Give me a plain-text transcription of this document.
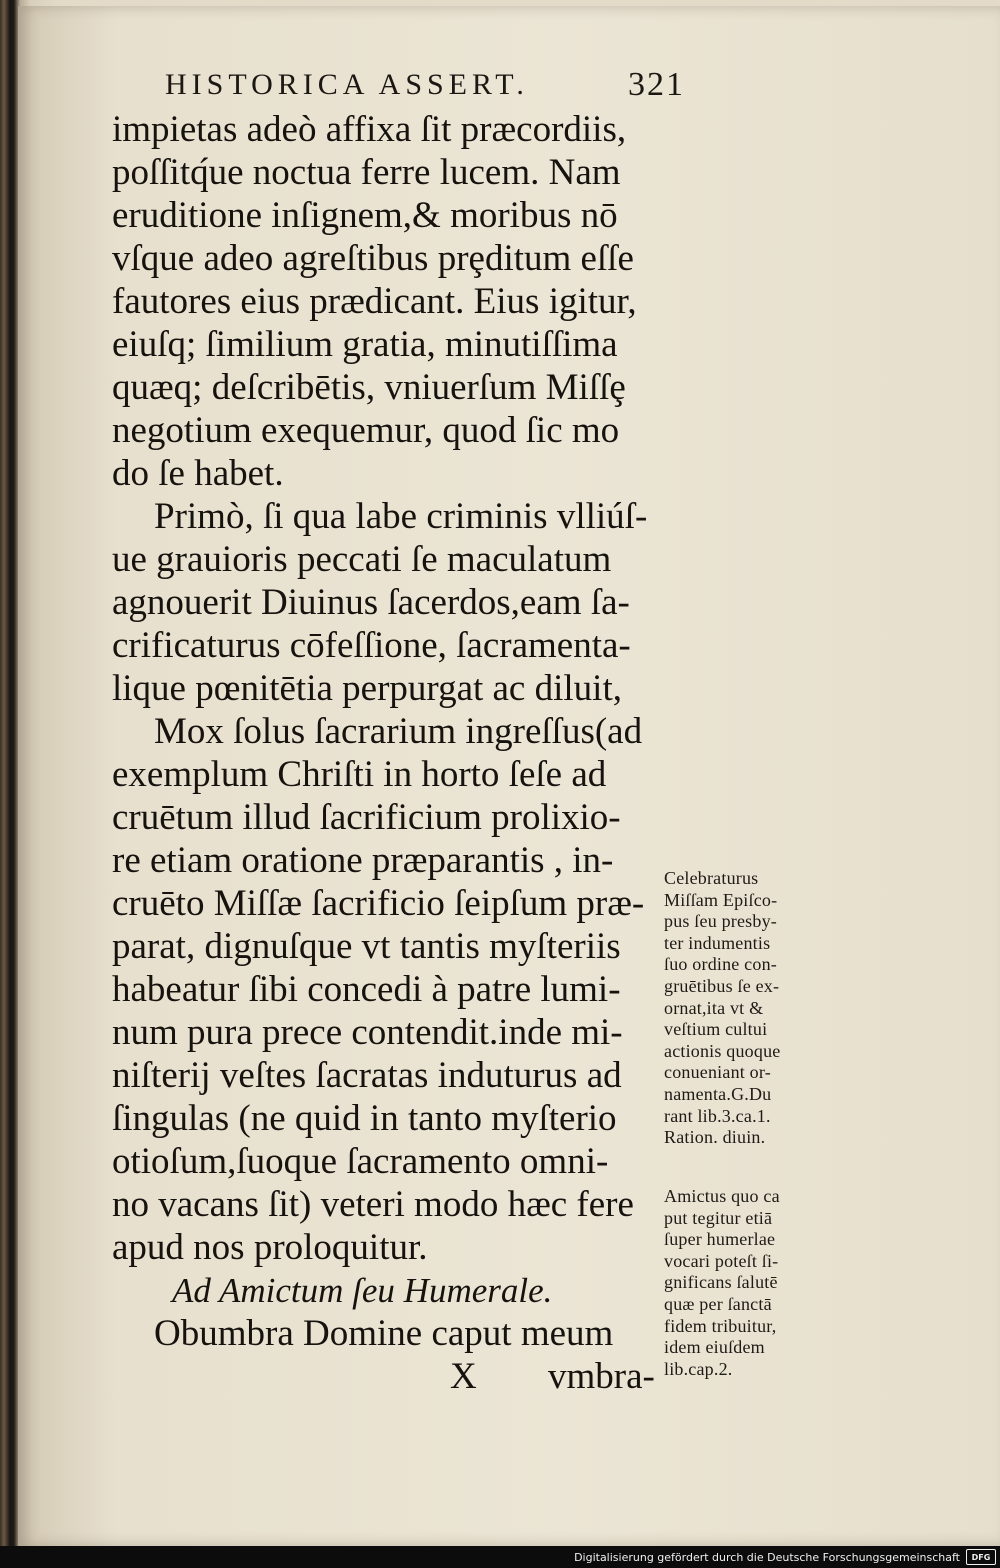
HISTORICA ASSERT.	321
impietas adeò affixa ſit præcordiis,
poſſitq́ue noctua ferre lucem. Nam
eruditione inſignem,& moribus nō
vſque adeo agreſtibus prȩditum eſſe
fautores eius prædicant. Eius igitur,
eiuſq; ſimilium gratia, minutiſſima
quæq; deſcribētis, vniuerſum Miſſȩ
negotium exequemur, quod ſic mo
do ſe habet.
Primò, ſi qua labe criminis vlliúſ-
ue grauioris peccati ſe maculatum
agnouerit Diuinus ſacerdos,eam ſa-
crificaturus cōfeſſione, ſacramenta-
lique pœnitētia perpurgat ac diluit,
Mox ſolus ſacrarium ingreſſus(ad
exemplum Chriſti in horto ſeſe ad
cruētum illud ſacrificium prolixio-
re etiam oratione præparantis , in-
cruēto Miſſæ ſacrificio ſeipſum præ-
parat, dignuſque vt tantis myſteriis
habeatur ſibi concedi à patre lumi-
num pura prece contendit.inde mi-
niſterij veſtes ſacratas induturus ad
ſingulas (ne quid in tanto myſterio
otioſum,ſuoque ſacramento omni-
no vacans ſit) veteri modo hæc fere
apud nos proloquitur.
Ad Amictum ſeu Humerale.
Obumbra Domine caput meum
X vmbra-
Celebraturus
Miſſam Epiſco-
pus ſeu presby-
ter indumentis
ſuo ordine con-
gruētibus ſe ex-
ornat,ita vt &
veſtium cultui
actionis quoque
conueniant or-
namenta.G.Du
rant lib.3.ca.1.
Ration. diuin.
Amictus quo ca
put tegitur etiā
ſuper humerlae
vocari poteſt ſi-
gnificans ſalutē
quæ per ſanctā
fidem tribuitur,
idem eiuſdem
lib.cap.2.
Digitalisierung gefördert durch die Deutsche Forschungsgemeinschaft DFG
